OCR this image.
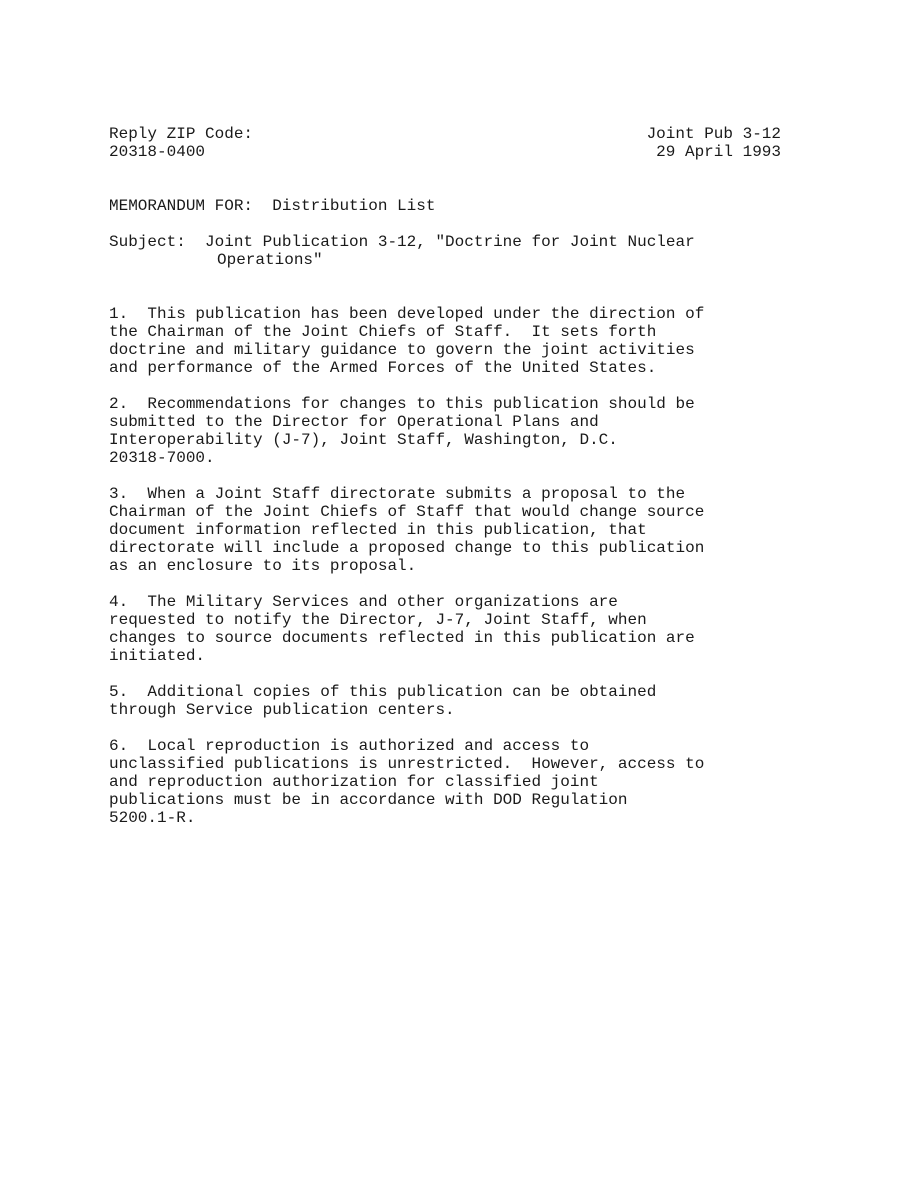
Reply ZIP Code:	Joint Pub 3-12
20318-0400	29 April 1993
MEMORANDUM FOR:  Distribution List
Subject:  Joint Publication 3-12, "Doctrine for Joint Nuclear
Operations"
1.  This publication has been developed under the direction of
the Chairman of the Joint Chiefs of Staff.  It sets forth
doctrine and military guidance to govern the joint activities
and performance of the Armed Forces of the United States.
2.  Recommendations for changes to this publication should be
submitted to the Director for Operational Plans and
Interoperability (J-7), Joint Staff, Washington, D.C.
20318-7000.
3.  When a Joint Staff directorate submits a proposal to the
Chairman of the Joint Chiefs of Staff that would change source
document information reflected in this publication, that
directorate will include a proposed change to this publication
as an enclosure to its proposal.
4.  The Military Services and other organizations are
requested to notify the Director, J-7, Joint Staff, when
changes to source documents reflected in this publication are
initiated.
5.  Additional copies of this publication can be obtained
through Service publication centers.
6.  Local reproduction is authorized and access to
unclassified publications is unrestricted.  However, access to
and reproduction authorization for classified joint
publications must be in accordance with DOD Regulation
5200.1-R.
